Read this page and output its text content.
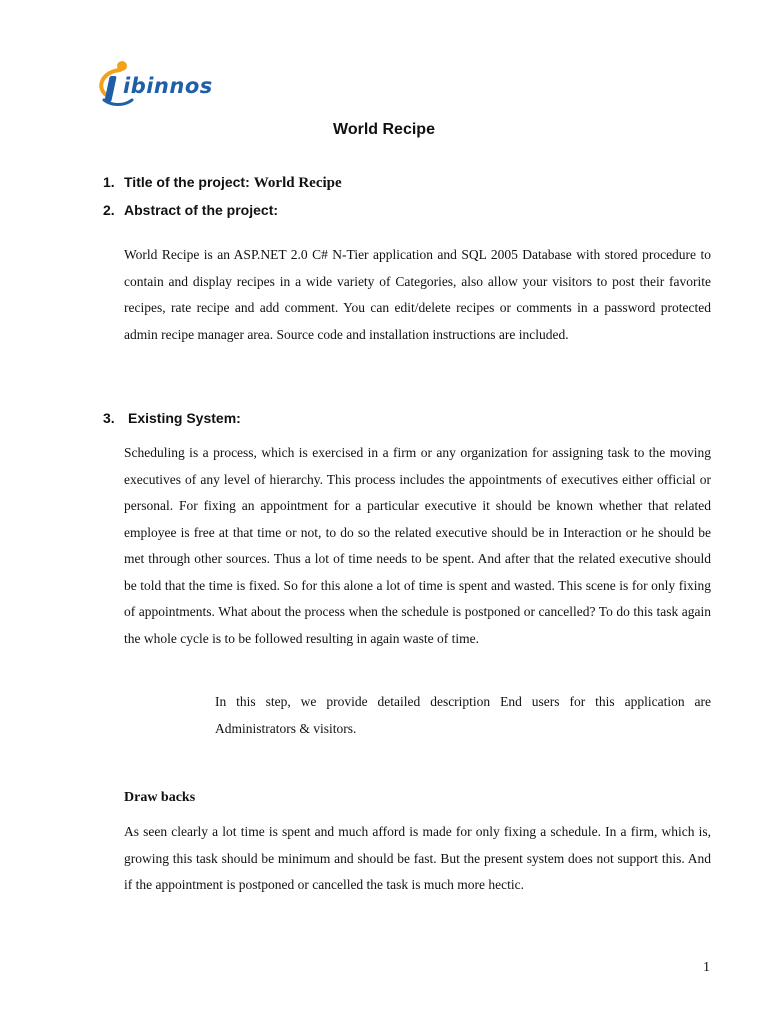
ibinnos
World Recipe
1. Title of the project: World Recipe
2. Abstract of the project:

World Recipe is an ASP.NET 2.0 C# N-Tier application and SQL 2005 Database with stored procedure to contain and display recipes in a wide variety of Categories, also allow your visitors to post their favorite recipes, rate recipe and add comment. You can edit/delete recipes or comments in a password protected admin recipe manager area. Source code and installation instructions are included.

3. Existing System:

Scheduling is a process, which is exercised in a firm or any organization for assigning task to the moving executives of any level of hierarchy. This process includes the appointments of executives either official or personal. For fixing an appointment for a particular executive it should be known whether that related employee is free at that time or not, to do so the related executive should be in Interaction or he should be met through other sources. Thus a lot of time needs to be spent. And after that the related executive should be told that the time is fixed. So for this alone a lot of time is spent and wasted. This scene is for only fixing of appointments. What about the process when the schedule is postponed or cancelled? To do this task again the whole cycle is to be followed resulting in again waste of time.

In this step, we provide detailed description End users for this application are Administrators & visitors.

Draw backs

As seen clearly a lot time is spent and much afford is made for only fixing a schedule. In a firm, which is, growing this task should be minimum and should be fast. But the present system does not support this. And if the appointment is postponed or cancelled the task is much more hectic.

1
